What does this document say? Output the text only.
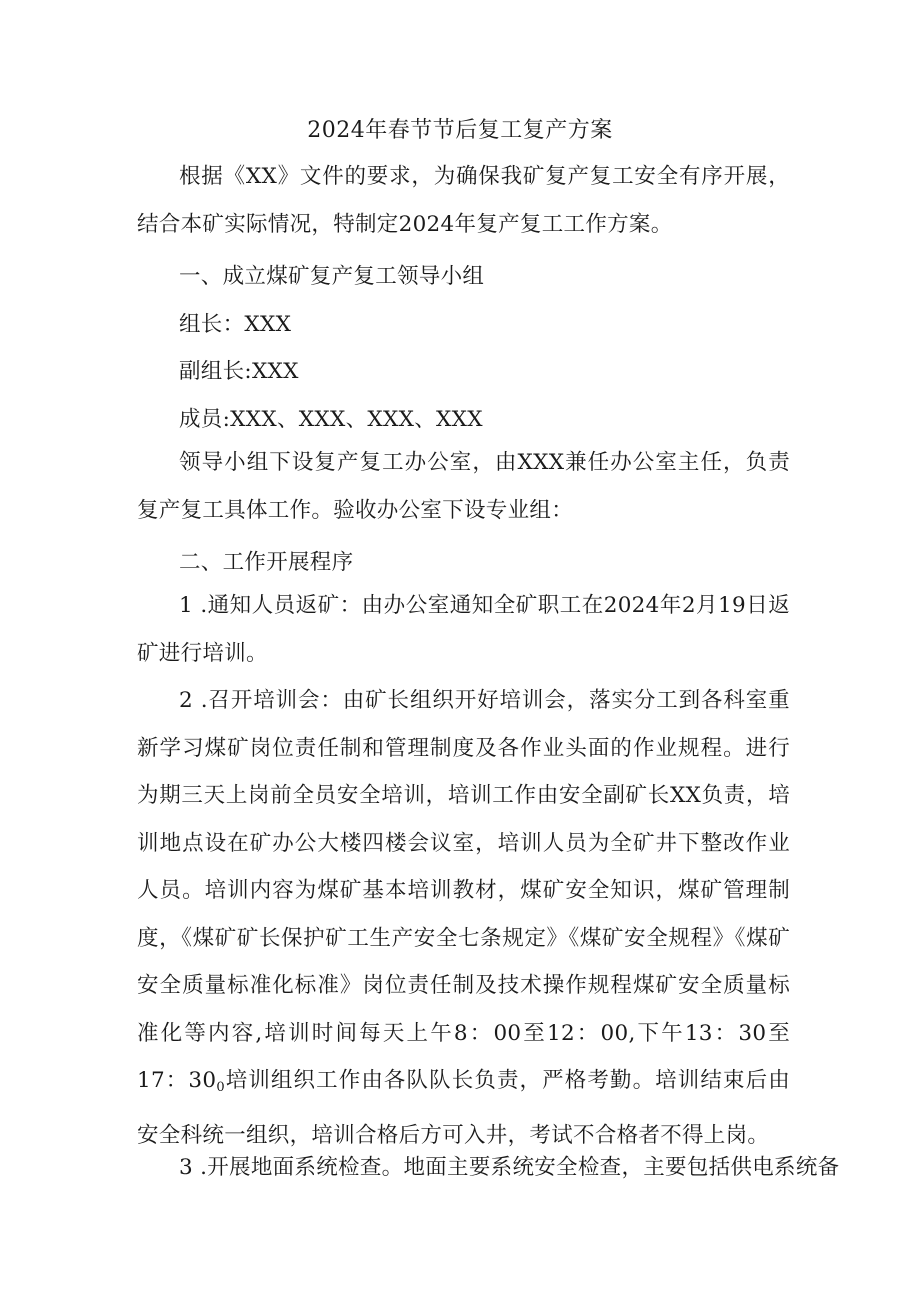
2024年春节节后复工复产方案

根据《XX》文件的要求，为确保我矿复产复工安全有序开展，结合本矿实际情况，特制定2024年复产复工工作方案。

一、成立煤矿复产复工领导小组

组长：XXX

副组长:XXX

成员:XXX、XXX、XXX、XXX

领导小组下设复产复工办公室，由XXX兼任办公室主任，负责复产复工具体工作。验收办公室下设专业组：

二、工作开展程序

1 .通知人员返矿：由办公室通知全矿职工在2024年2月19日返矿进行培训。

2 .召开培训会：由矿长组织开好培训会，落实分工到各科室重新学习煤矿岗位责任制和管理制度及各作业头面的作业规程。进行为期三天上岗前全员安全培训，培训工作由安全副矿长XX负责，培训地点设在矿办公大楼四楼会议室，培训人员为全矿井下整改作业人员。培训内容为煤矿基本培训教材，煤矿安全知识，煤矿管理制度，《煤矿矿长保护矿工生产安全七条规定》《煤矿安全规程》《煤矿安全质量标准化标准》岗位责任制及技术操作规程煤矿安全质量标准化等内容,培训时间每天上午8：00至12：00,下午13：30至17：$30_0$培训组织工作由各队队长负责，严格考勤。培训结束后由安全科统一组织，培训合格后方可入井，考试不合格者不得上岗。

3 .开展地面系统检查。地面主要系统安全检查，主要包括供电系统备
